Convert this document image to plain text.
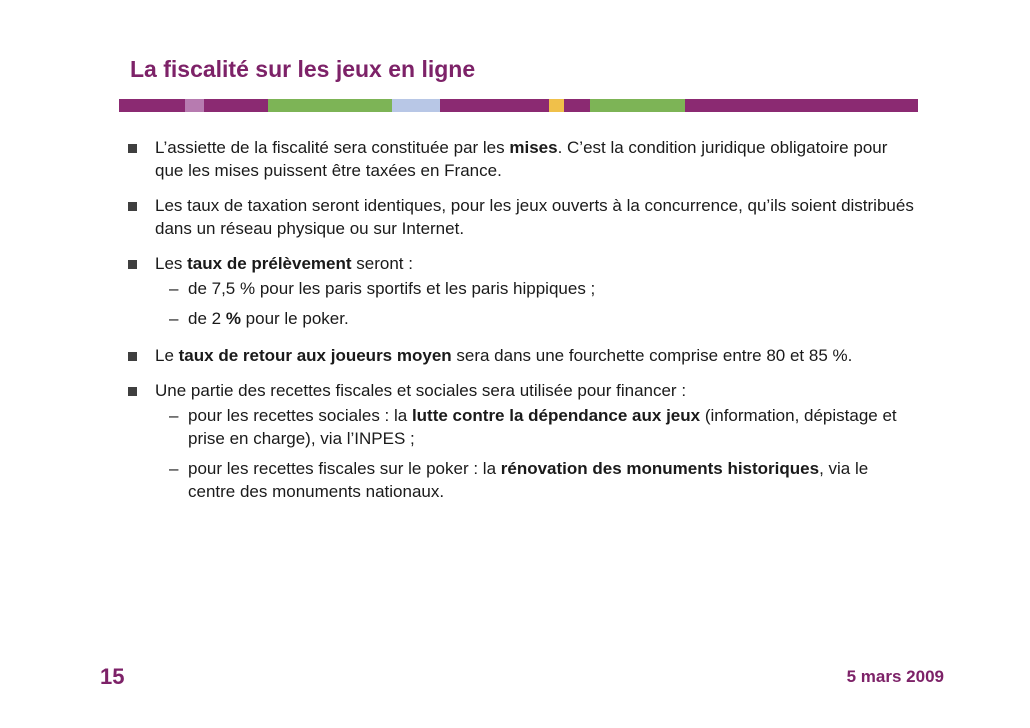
La fiscalité sur les jeux en ligne
L’assiette de la fiscalité sera constituée par les mises. C’est la condition juridique obligatoire pour que les mises puissent être taxées en France.
Les taux de taxation seront identiques, pour les jeux ouverts à la concurrence, qu’ils soient distribués dans un réseau physique ou sur Internet.
Les taux de prélèvement seront :
– de 7,5 % pour les paris sportifs et les paris hippiques ;
– de 2 % pour le poker.
Le taux de retour aux joueurs moyen sera dans une fourchette comprise entre 80 et 85 %.
Une partie des recettes fiscales et sociales sera utilisée pour financer :
– pour les recettes sociales : la lutte contre la dépendance aux jeux (information, dépistage et prise en charge), via l’INPES ;
– pour les recettes fiscales sur le poker : la rénovation des monuments historiques, via le centre des monuments nationaux.
15	5 mars 2009
